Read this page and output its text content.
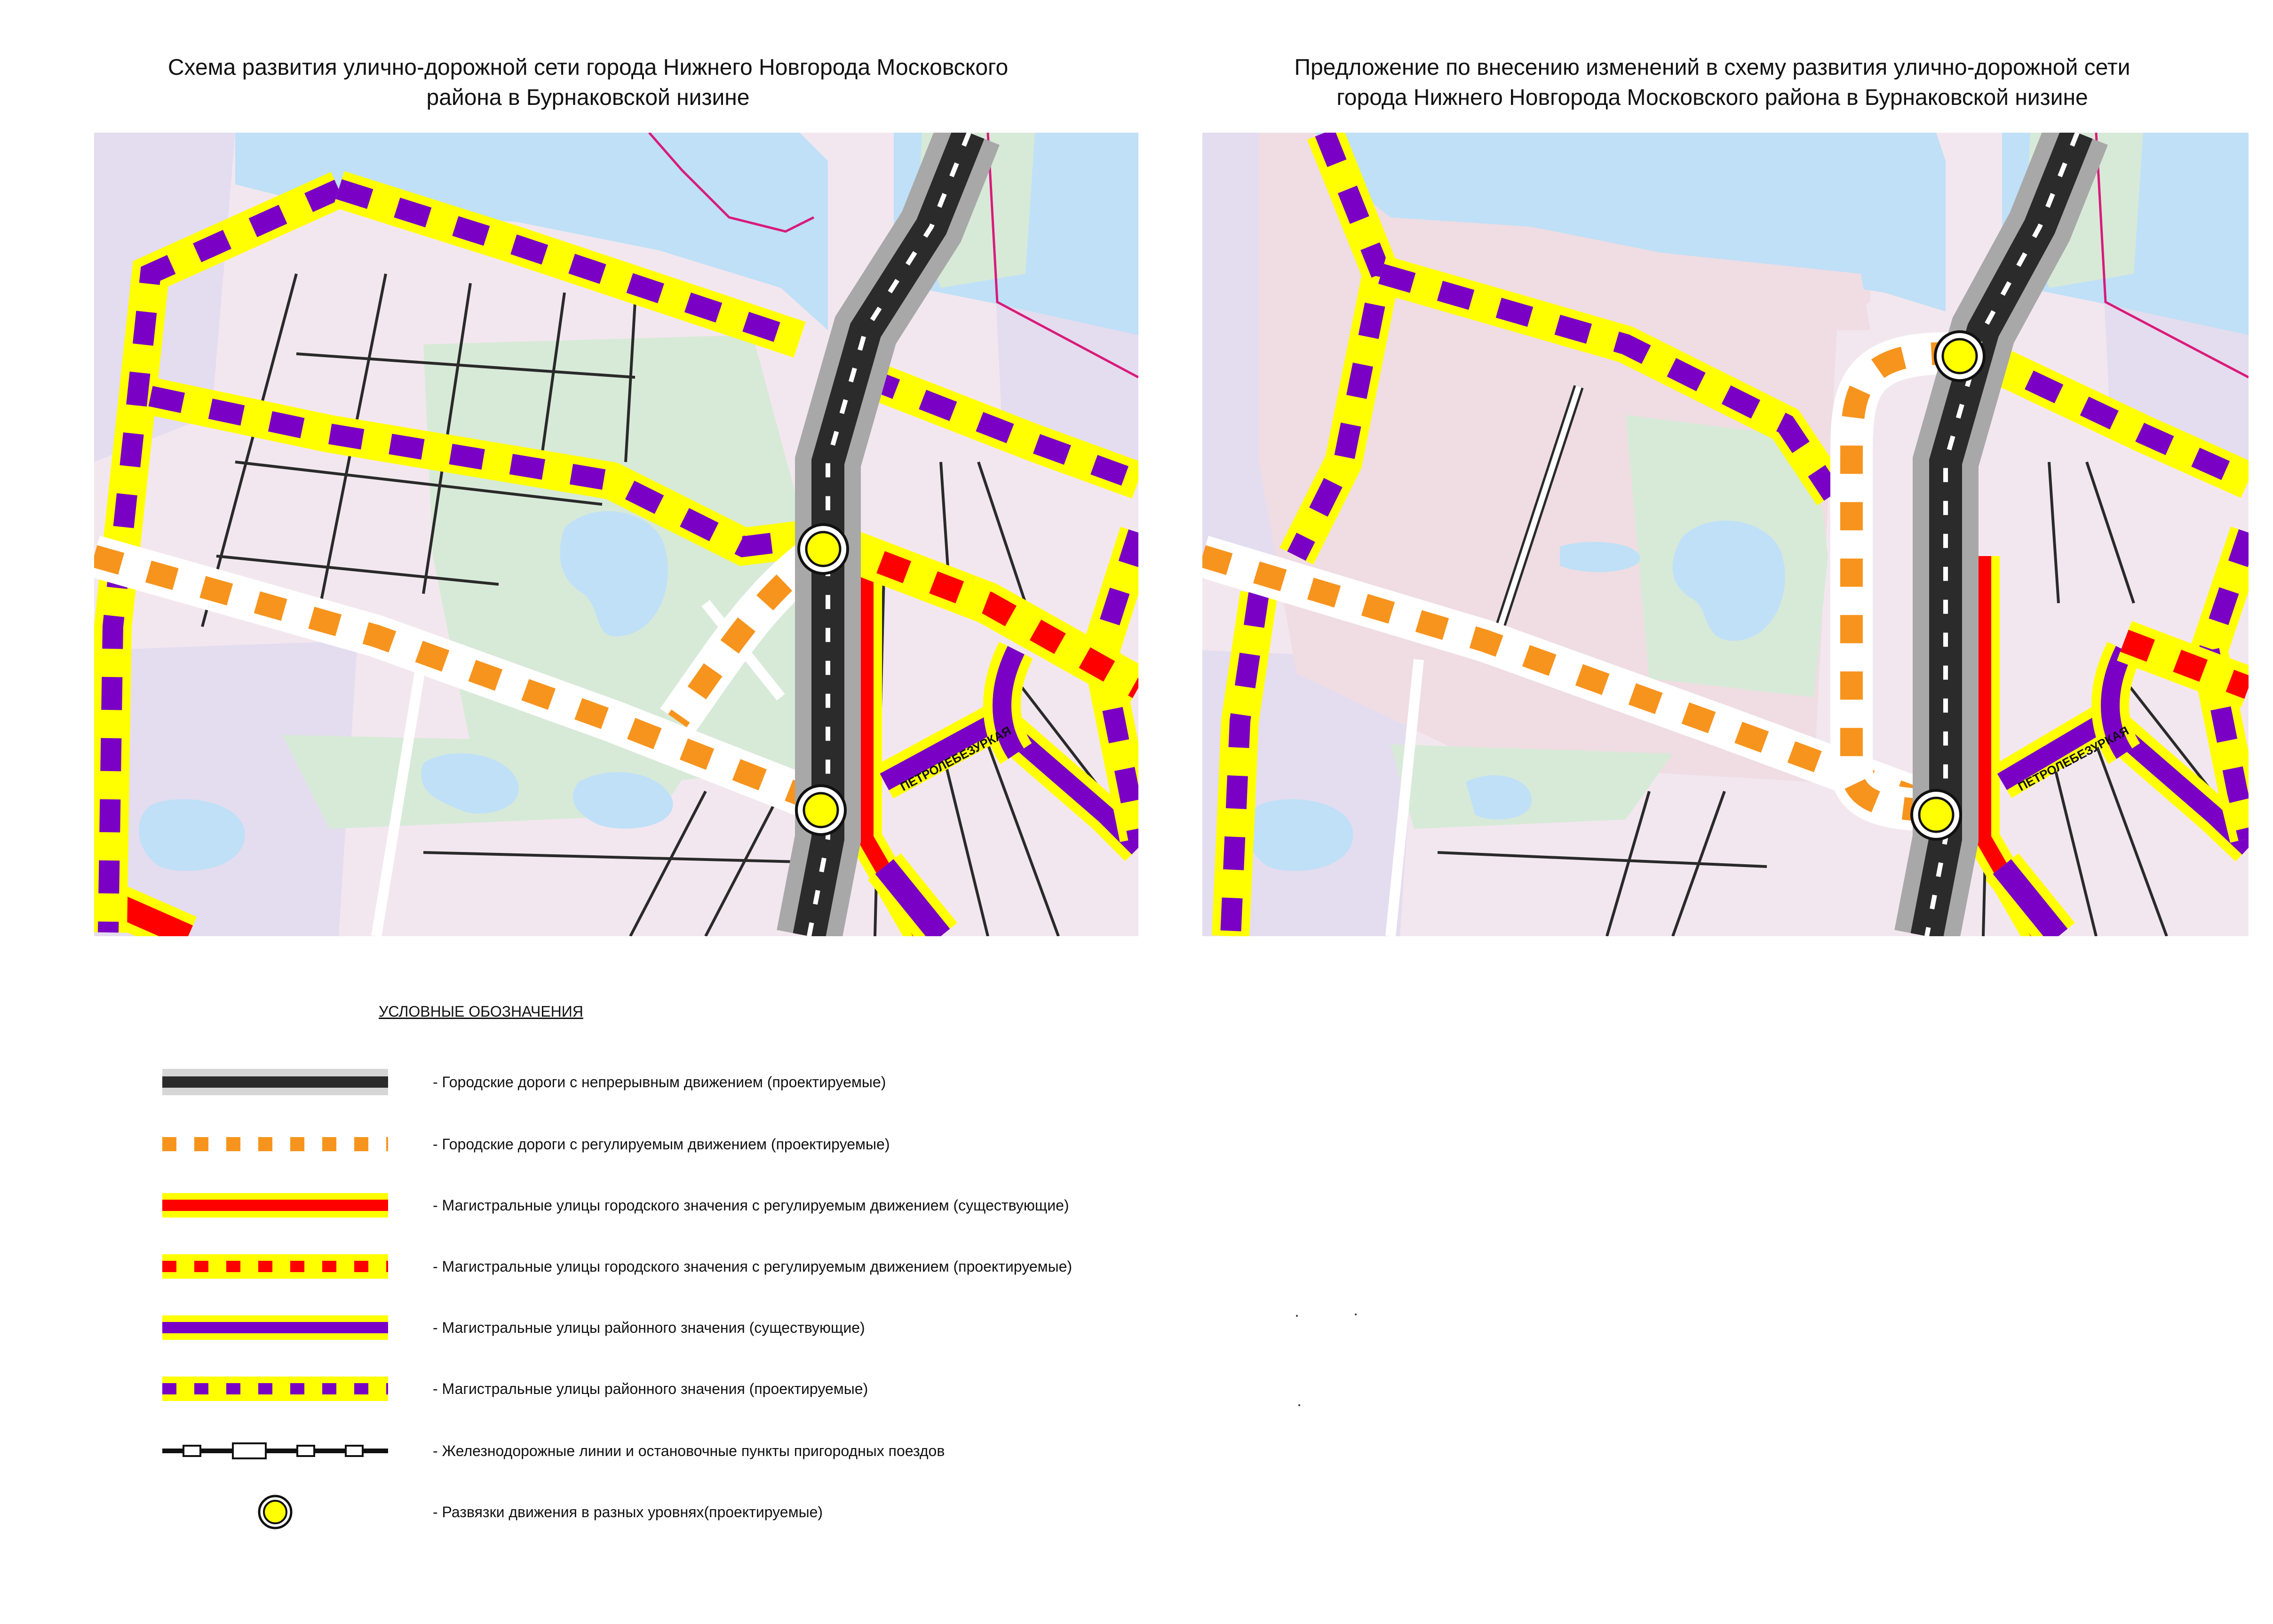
Схема развития улично-дорожной сети города Нижнего Новгорода Московского
района в Бурнаковской низине
Предложение по внесению изменений в схему развития улично-дорожной сети
города Нижнего Новгорода Московского района в Бурнаковской низине
ПЕТРОЛЕБЕЗУРКАЯ	ПЕТРОЛЕБЕЗУРКАЯ
УСЛОВНЫЕ ОБОЗНАЧЕНИЯ
- Городские дороги с непрерывным движением (проектируемые)
- Городские дороги с регулируемым движением (проектируемые)
- Магистральные улицы городского значения с регулируемым движением (существующие)
- Магистральные улицы городского значения с регулируемым движением (проектируемые)
- Магистральные улицы районного значения (существующие)
- Магистральные улицы районного значения (проектируемые)
- Железнодорожные линии и остановочные пункты пригородных поездов
- Развязки движения в разных уровнях(проектируемые)
